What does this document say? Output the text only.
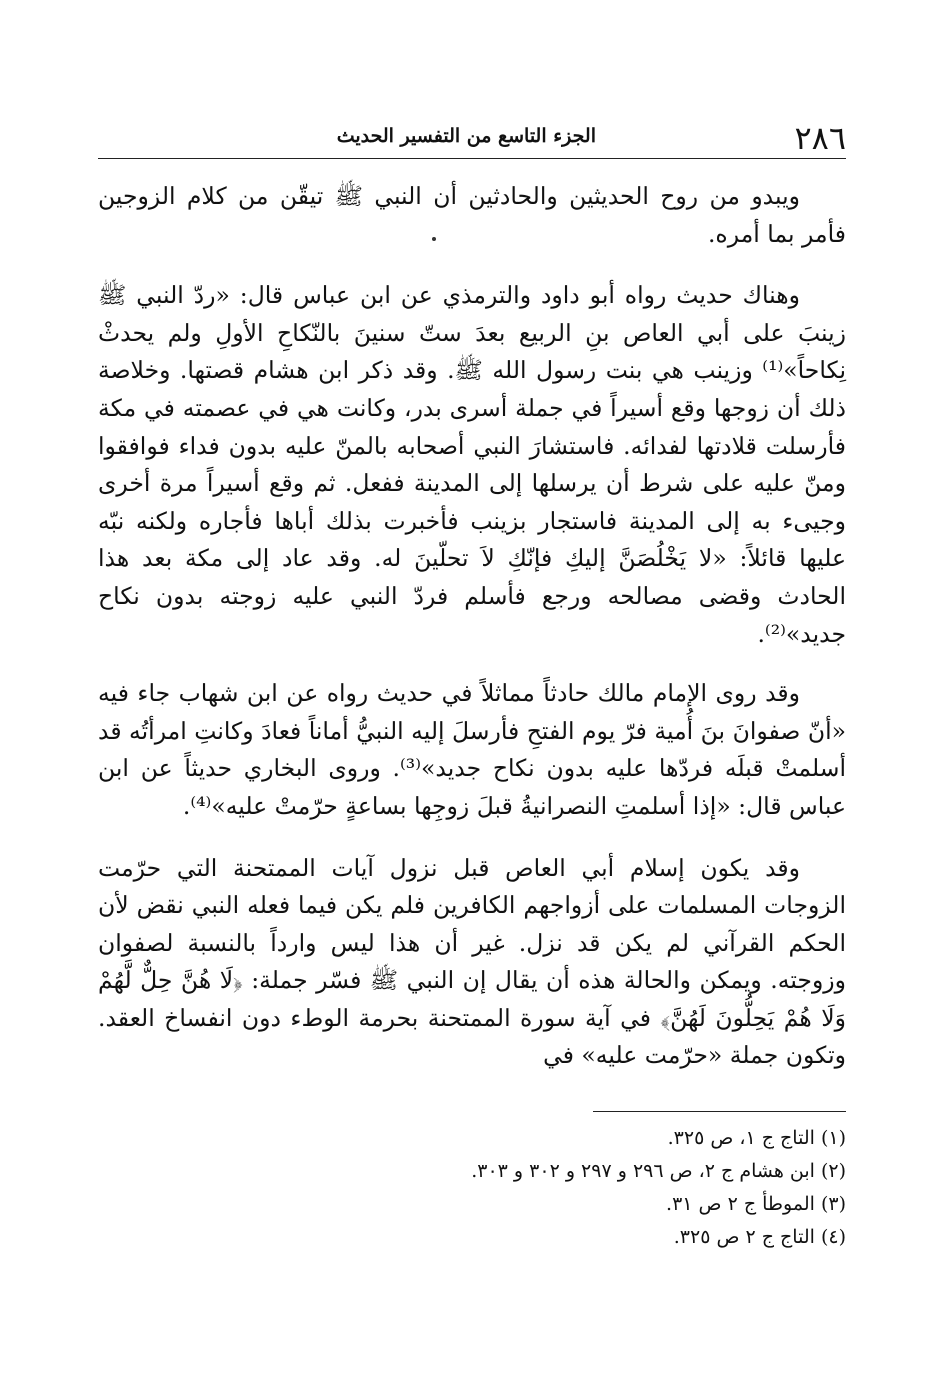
٢٨٦
الجزء التاسع من التفسير الحديث

ويبدو من روح الحديثين والحادثين أن النبي ﷺ تيقّن من كلام الزوجين فأمر بما أمره.

وهناك حديث رواه أبو داود والترمذي عن ابن عباس قال: «ردّ النبي ﷺ زينبَ على أبي العاص بنِ الربيع بعدَ ستّ سنينَ بالنّكاحِ الأولِ ولم يحدثْ نِكاحاً»⁽¹⁾ وزينب هي بنت رسول الله ﷺ. وقد ذكر ابن هشام قصتها. وخلاصة ذلك أن زوجها وقع أسيراً في جملة أسرى بدر، وكانت هي في عصمته في مكة فأرسلت قلادتها لفدائه. فاستشارَ النبي أصحابه بالمنّ عليه بدون فداء فوافقوا ومنّ عليه على شرط أن يرسلها إلى المدينة ففعل. ثم وقع أسيراً مرة أخرى وجيىء به إلى المدينة فاستجار بزينب فأخبرت بذلك أباها فأجاره ولكنه نبّه عليها قائلاً: «لا يَخْلُصَنَّ إليكِ فإنّكِ لاَ تحلّينَ له. وقد عاد إلى مكة بعد هذا الحادث وقضى مصالحه ورجع فأسلم فردّ النبي عليه زوجته بدون نكاح جديد»⁽²⁾.

وقد روى الإمام مالك حادثاً مماثلاً في حديث رواه عن ابن شهاب جاء فيه «أنّ صفوانَ بنَ أُمية فرّ يوم الفتحِ فأرسلَ إليه النبيُّ أماناً فعادَ وكانتِ امرأتُه قد أسلمتْ قبلَه فردّها عليه بدون نكاح جديد»⁽³⁾. وروى البخاري حديثاً عن ابن عباس قال: «إذا أسلمتِ النصرانيةُ قبلَ زوجِها بساعةٍ حرّمتْ عليه»⁽⁴⁾.

وقد يكون إسلام أبي العاص قبل نزول آيات الممتحنة التي حرّمت الزوجات المسلمات على أزواجهم الكافرين فلم يكن فيما فعله النبي نقض لأن الحكم القرآني لم يكن قد نزل. غير أن هذا ليس وارداً بالنسبة لصفوان وزوجته. ويمكن والحالة هذه أن يقال إن النبي ﷺ فسّر جملة: ﴿لَا هُنَّ حِلٌّ لَّهُمْ وَلَا هُمْ يَحِلُّونَ لَهُنَّ﴾ في آية سورة الممتحنة بحرمة الوطء دون انفساخ العقد. وتكون جملة «حرّمت عليه» في

(١) التاج ج ١، ص ٣٢٥.

(٢) ابن هشام ج ٢، ص ٢٩٦ و ٢٩٧ و ٣٠٢ و ٣٠٣.

(٣) الموطأ ج ٢ ص ٣١.

(٤) التاج ج ٢ ص ٣٢٥.
